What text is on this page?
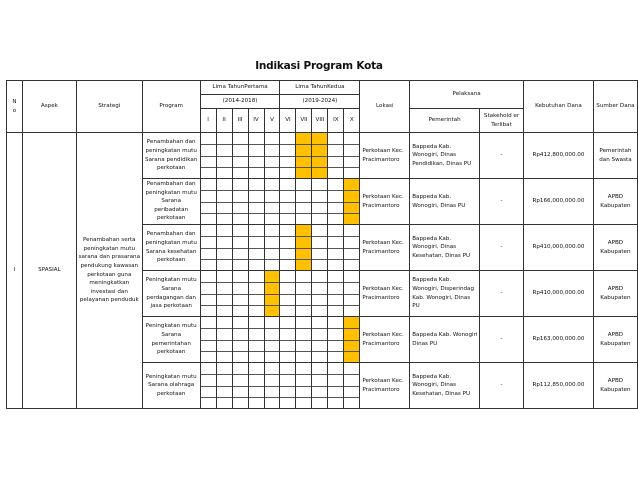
Indikasi Program Kota
N
o	Aspek	Strategi	Program	Lima TahunPertama					Lima TahunKedua					Lokasi	Pelaksana		Kebutuhan Dana	Sumber Dana
				(2014-2018)					(2019-2024)									
				I	II	III	IV	V	VI	VII	VIII	IX	X		Pemerintah	Stakehold er Terlibat		
I	SPASIAL	Penambahan serta peningkatan mutu sarana dan prasarana pendukung kawasan perkotaan guna meningkatkan investasi dan pelayanan penduduk	Penambahan dan peningkatan mutu Sarana pendidikan perkotaan											Perkotaan Kec. Pracimantoro	Bappeda Kab. Wonogiri, Dinas Pendidikan, Dinas PU	-	Rp412,800,000.00	Pemerintah dan Swasta
			Penambahan dan peningkatan mutu Sarana peribadatan perkotaan											Perkotaan Kec. Pracimantoro	Bappeda Kab. Wonogiri, Dinas PU	-	Rp166,000,000.00	APBD Kabupaten
			Penambahan dan peningkatan mutu Sarana kesehatan perkotaan											Perkotaan Kec. Pracimantoro	Bappeda Kab. Wonogiri, Dinas Kesehatan, Dinas PU	-	Rp410,000,000.00	APBD Kabupaten
			Peningkatan mutu Sarana perdagangan dan jasa perkotaan											Perkotaan Kec. Pracimantoro	Bappeda Kab. Wonogiri, Disperindag Kab. Wonogiri, Dinas PU	-	Rp410,000,000.00	APBD Kabupaten
			Peningkatan mutu Sarana pemerintahan perkotaan											Perkotaan Kec. Pracimantoro	Bappeda Kab. Wonogiri Dinas PU	-	Rp163,000,000.00	APBD Kabupaten
			Peningkatan mutu Sarana olahraga perkotaan											Perkotaan Kec. Pracimantoro	Bappeda Kab. Wonogiri, Dinas Kesehatan, Dinas PU	-	Rp112,850,000.00	APBD Kabupaten
